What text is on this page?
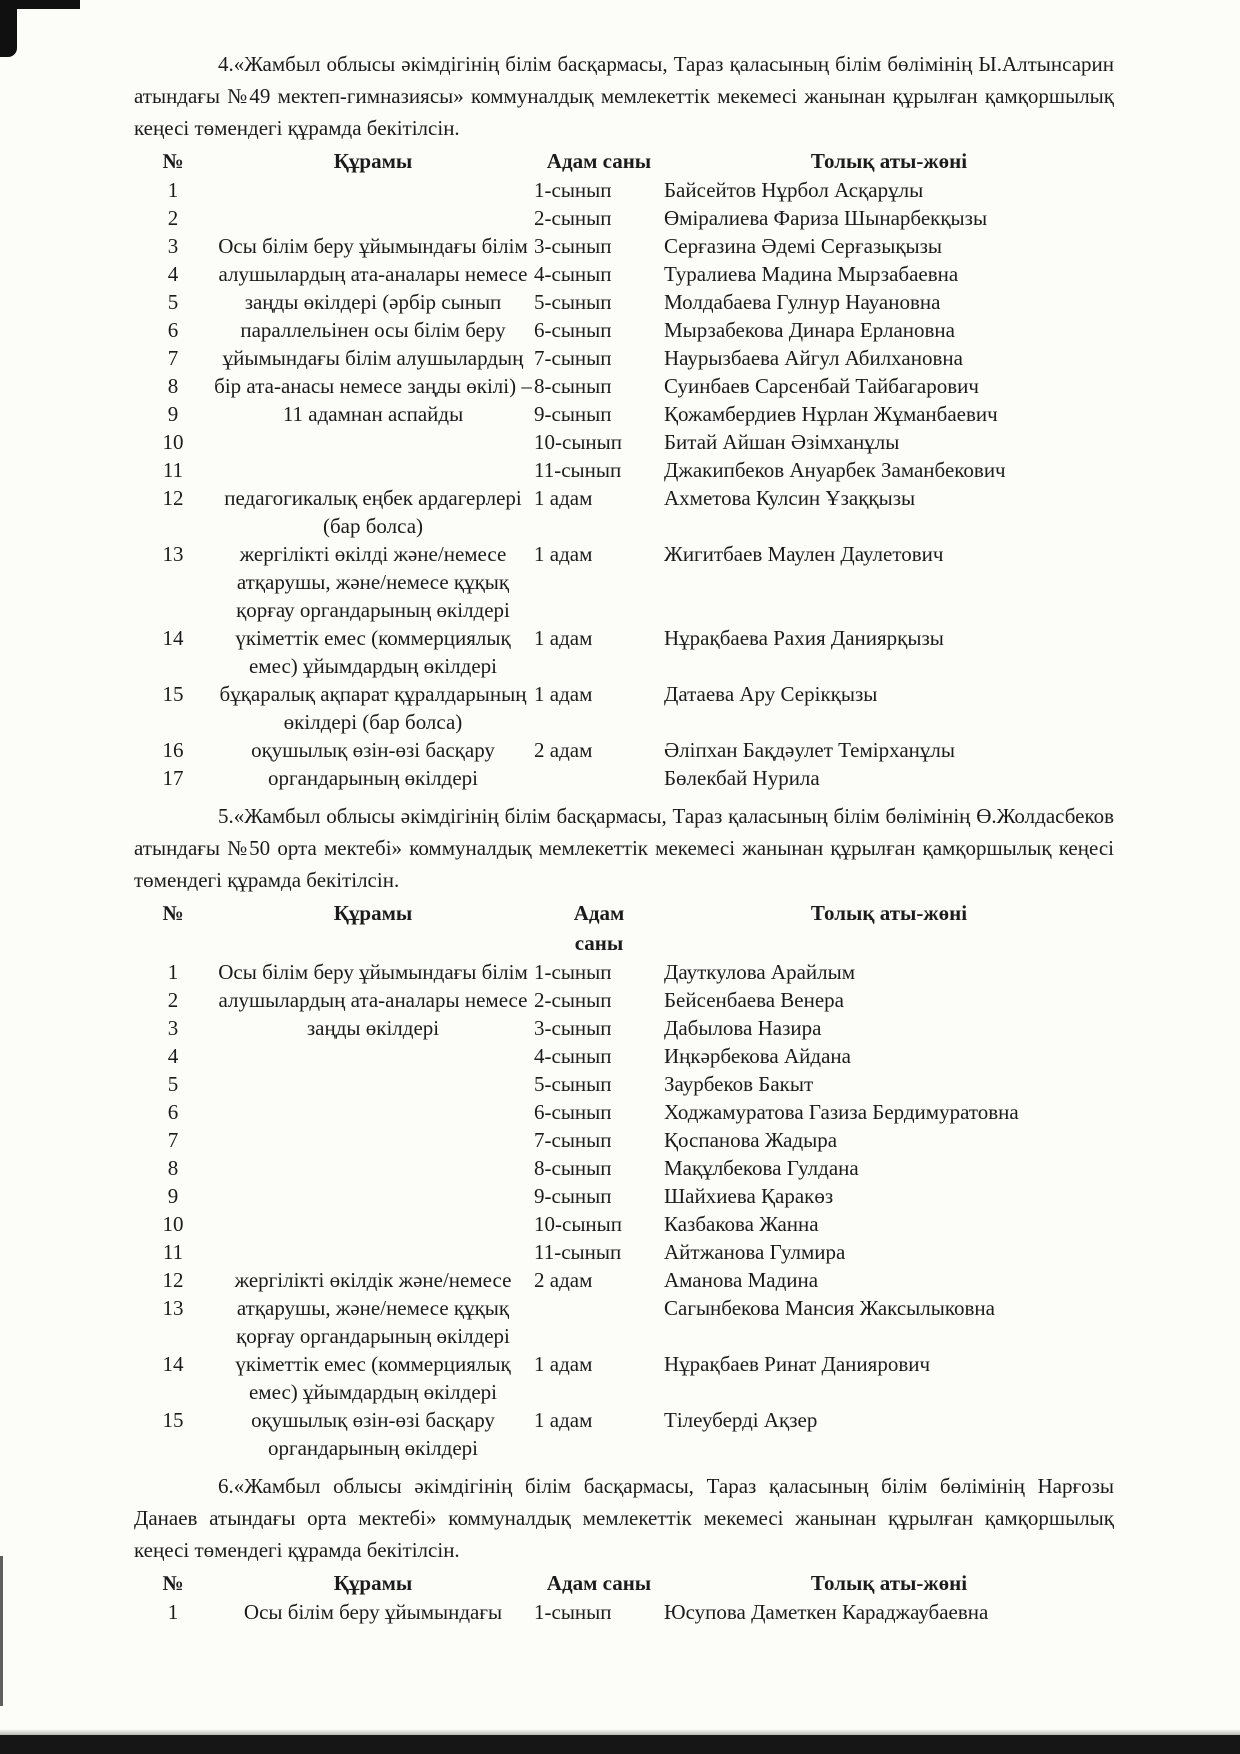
4.«Жамбыл облысы әкімдігінің білім басқармасы, Тараз қаласының білім бөлімінің Ы.Алтынсарин атындағы №49 мектеп-гимназиясы» коммуналдық мемлекеттік мекемесі жанынан құрылған қамқоршылық кеңесі төмендегі құрамда бекітілсін.

№	Құрамы	Адам саны	Толық аты-жөні
1	Осы білім беру ұйымындағы білім алушылардың ата-аналары немесе заңды өкілдері (әрбір сынып параллельінен осы білім беру ұйымындағы білім алушылардың бір ата-анасы немесе заңды өкілі) – 11 адамнан аспайды	1-сынып	Байсейтов Нұрбол Асқарұлы
2		2-сынып	Өміралиева Фариза Шынарбекқызы
3		3-сынып	Серғазина Әдемі Серғазықызы
4		4-сынып	Туралиева Мадина Мырзабаевна
5		5-сынып	Молдабаева Гулнур Науановна
6		6-сынып	Мырзабекова Динара Ерлановна
7		7-сынып	Наурызбаева Айгул Абилхановна
8		8-сынып	Суинбаев Сарсенбай Тайбагарович
9		9-сынып	Қожамбердиев Нұрлан Жұманбаевич
10		10-сынып	Битай Айшан Әзімханұлы
11		11-сынып	Джакипбеков Ануарбек Заманбекович
12	педагогикалық еңбек ардагерлері (бар болса)	1 адам	Ахметова Кулсин Ұзаққызы
13	жергілікті өкілді және/немесе атқарушы, және/немесе құқық қорғау органдарының өкілдері	1 адам	Жигитбаев Маулен Даулетович
14	үкіметтік емес (коммерциялық емес) ұйымдардың өкілдері	1 адам	Нұрақбаева Рахия Даниярқызы
15	бұқаралық ақпарат құралдарының өкілдері (бар болса)	1 адам	Датаева Ару Серікқызы
16	оқушылық өзін-өзі басқару	2 адам	Әліпхан Бақдәулет Темірханұлы
17	органдарының өкілдері		Бөлекбай Нурила

5.«Жамбыл облысы әкімдігінің білім басқармасы, Тараз қаласының білім бөлімінің Ө.Жолдасбеков атындағы №50 орта мектебі» коммуналдық мемлекеттік мекемесі жанынан құрылған қамқоршылық кеңесі төмендегі құрамда бекітілсін.

№	Құрамы	Адам саны	Толық аты-жөні
1	Осы білім беру ұйымындағы білім алушылардың ата-аналары немесе заңды өкілдері	1-сынып	Дауткулова Арайлым
2		2-сынып	Бейсенбаева Венера
3		3-сынып	Дабылова Назира
4		4-сынып	Иңкәрбекова Айдана
5		5-сынып	Заурбеков Бакыт
6		6-сынып	Ходжамуратова Газиза Бердимуратовна
7		7-сынып	Қоспанова Жадыра
8		8-сынып	Мақұлбекова Гулдана
9		9-сынып	Шайхиева Қаракөз
10		10-сынып	Казбакова Жанна
11		11-сынып	Айтжанова Гулмира
12	жергілікті өкілдік және/немесе	2 адам	Аманова Мадина
13	атқарушы, және/немесе құқық қорғау органдарының өкілдері		Сагынбекова Мансия Жаксылыковна
14	үкіметтік емес (коммерциялық емес) ұйымдардың өкілдері	1 адам	Нұрақбаев Ринат Даниярович
15	оқушылық өзін-өзі басқару органдарының өкілдері	1 адам	Тілеуберді Ақзер

6.«Жамбыл облысы әкімдігінің білім басқармасы, Тараз қаласының білім бөлімінің Нарғозы Данаев атындағы орта мектебі» коммуналдық мемлекеттік мекемесі жанынан құрылған қамқоршылық кеңесі төмендегі құрамда бекітілсін.

№	Құрамы	Адам саны	Толық аты-жөні
1	Осы білім беру ұйымындағы	1-сынып	Юсупова Даметкен Караджаубаевна
